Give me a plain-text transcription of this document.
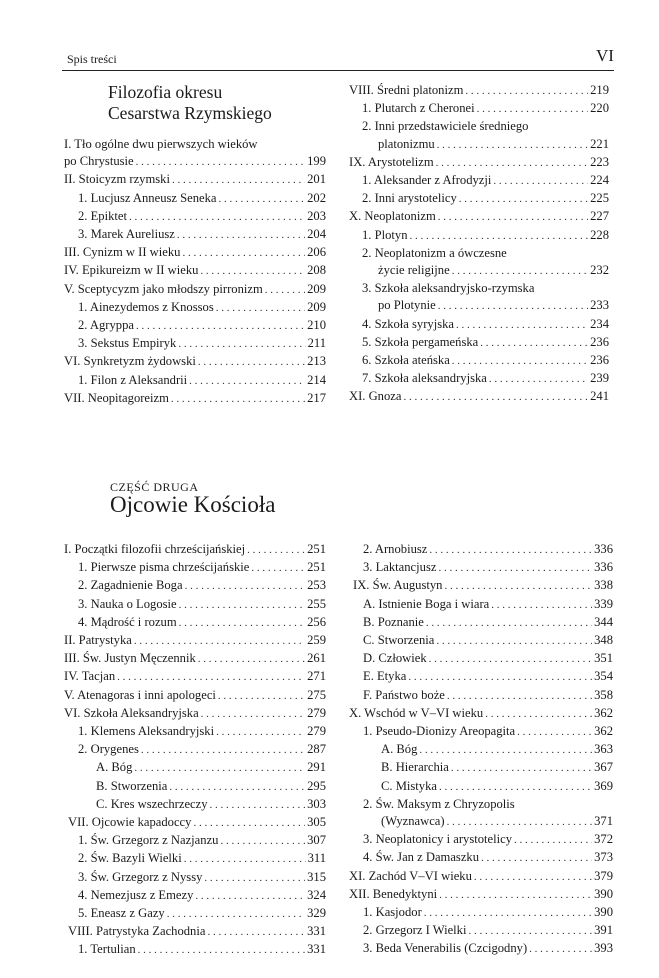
Spis treści	VI
Filozofia okresu
Cesarstwa Rzymskiego
CZĘŚĆ DRUGA
Ojcowie Kościoła
I. Tło ogólne dwu pierwszych wieków
po Chrystusie . . .	199
II. Stoicyzm rzymski . . .	201
1. Lucjusz Anneusz Seneka . . .	202
2. Epiktet . . .	203
3. Marek Aureliusz . . .	204
III. Cynizm w II wieku . . .	206
IV. Epikureizm w II wieku . . .	208
V. Sceptycyzm jako młodszy pirronizm . . .	209
1. Ainezydemos z Knossos . . .	209
2. Agryppa . . .	210
3. Sekstus Empiryk . . .	211
VI. Synkretyzm żydowski . . .	213
1. Filon z Aleksandrii . . .	214
VII. Neopitagoreizm . . .	217
VIII. Średni platonizm . . .	219
1. Plutarch z Cheronei . . .	220
2. Inni przedstawiciele średniego
platonizmu . . .	221
IX. Arystotelizm . . .	223
1. Aleksander z Afrodyzji . . .	224
2. Inni arystotelicy . . .	225
X. Neoplatonizm . . .	227
1. Plotyn . . .	228
2. Neoplatonizm a ówczesne
życie religijne . . .	232
3. Szkoła aleksandryjsko-rzymska
po Plotynie . . .	233
4. Szkoła syryjska . . .	234
5. Szkoła pergameńska . . .	236
6. Szkoła ateńska . . .	236
7. Szkoła aleksandryjska . . .	239
XI. Gnoza . . .	241
I. Początki filozofii chrześcijańskiej . . .	251
1. Pierwsze pisma chrześcijańskie . . .	251
2. Zagadnienie Boga . . .	253
3. Nauka o Logosie . . .	255
4. Mądrość i rozum . . .	256
II. Patrystyka . . .	259
III. Św. Justyn Męczennik . . .	261
IV. Tacjan . . .	271
V. Atenagoras i inni apologeci . . .	275
VI. Szkoła Aleksandryjska . . .	279
1. Klemens Aleksandryjski . . .	279
2. Orygenes . . .	287
A. Bóg . . .	291
B. Stworzenia . . .	295
C. Kres wszechrzeczy . . .	303
VII. Ojcowie kapadoccy . . .	305
1. Św. Grzegorz z Nazjanzu . . .	307
2. Św. Bazyli Wielki . . .	311
3. Św. Grzegorz z Nyssy . . .	315
4. Nemezjusz z Emezy . . .	324
5. Eneasz z Gazy . . .	329
VIII. Patrystyka Zachodnia . . .	331
1. Tertulian . . .	331
2. Arnobiusz . . .	336
3. Laktancjusz . . .	336
IX. Św. Augustyn . . .	338
A. Istnienie Boga i wiara . . .	339
B. Poznanie . . .	344
C. Stworzenia . . .	348
D. Człowiek . . .	351
E. Etyka . . .	354
F. Państwo boże . . .	358
X. Wschód w V–VI wieku . . .	362
1. Pseudo-Dionizy Areopagita . . .	362
A. Bóg . . .	363
B. Hierarchia . . .	367
C. Mistyka . . .	369
2. Św. Maksym z Chryzopolis
(Wyznawca) . . .	371
3. Neoplatonicy i arystotelicy . . .	372
4. Św. Jan z Damaszku . . .	373
XI. Zachód V–VI wieku . . .	379
XII. Benedyktyni . . .	390
1. Kasjodor . . .	390
2. Grzegorz I Wielki . . .	391
3. Beda Venerabilis (Czcigodny) . . .	393
